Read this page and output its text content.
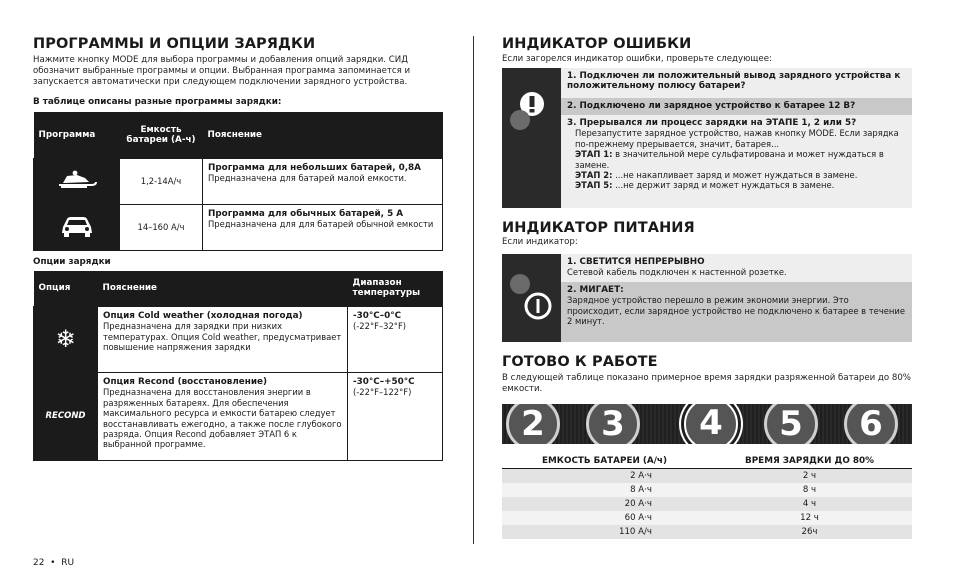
ПРОГРАММЫ И ОПЦИИ ЗАРЯДКИ
Нажмите кнопку MODE для выбора программы и добавления опций зарядки. СИД обозначит выбранные программы и опции. Выбранная программа запоминается и запускается автоматически при следующем подключении зарядного устройства.
В таблице описаны разные программы зарядки:
Программа	Емкость батареи (А-ч)	Пояснение
	1,2-14А/ч	Программа для небольших батарей, 0,8А
Предназначена для батарей малой емкости.
	14–160 А/ч	Программа для обычных батарей, 5 А
Предназначена для для батарей обычной емкости
Опции зарядки
Опция	Пояснение	Диапазон температуры
❄	Опция Cold weather (холодная погода)
Предназначена для зарядки при низких температурах. Опция Cold weather, предусматривает повышение напряжения зарядки	-30°C–0°C
(-22°F–32°F)
RECOND	Опция Recond (восстановление)
Предназначена для восстановления энергии в разряженных батареях. Для обеспечения максимального ресурса и емкости батарею следует восстанавливать ежегодно, а также после глубокого разряда. Опция Recond добавляет ЭТАП 6 к выбранной программе.	-30°C–+50°C
(-22°F–122°F)
22  •  RU
ИНДИКАТОР ОШИБКИ
Если загорелся индикатор ошибки, проверьте следующее:
1. Подключен ли положительный вывод зарядного устройства к положительному полюсу батареи?
2. Подключено ли зарядное устройство к батарее 12 В?
3. Прерывался ли процесс зарядки на ЭТАПЕ 1, 2 или 5?
Перезапустите зарядное устройство, нажав кнопку MODE. Если зарядка по-прежнему прерывается, значит, батарея...
ЭТАП 1: в значительной мере сульфатирована и может нуждаться в замене.
ЭТАП 2: ...не накапливает заряд и может нуждаться в замене.
ЭТАП 5: ...не держит заряд и может нуждаться в замене.
ИНДИКАТОР ПИТАНИЯ
Если индикатор:
1. СВЕТИТСЯ НЕПРЕРЫВНО
Сетевой кабель подключен к настенной розетке.
2. МИГАЕТ:
Зарядное устройство перешло в режим экономии энергии. Это происходит, если зарядное устройство не подключено к батарее в течение 2 минут.
ГОТОВО К РАБОТЕ
В следующей таблице показано примерное время зарядки разряженной батареи до 80% емкости.
2	3	4	5	6
ЕМКОСТЬ БАТАРЕИ (А/ч)	ВРЕМЯ ЗАРЯДКИ ДО 80%
2 А·ч	2 ч
8 А·ч	8 ч
20 А·ч	4 ч
60 А·ч	12 ч
110 А/ч	26ч
